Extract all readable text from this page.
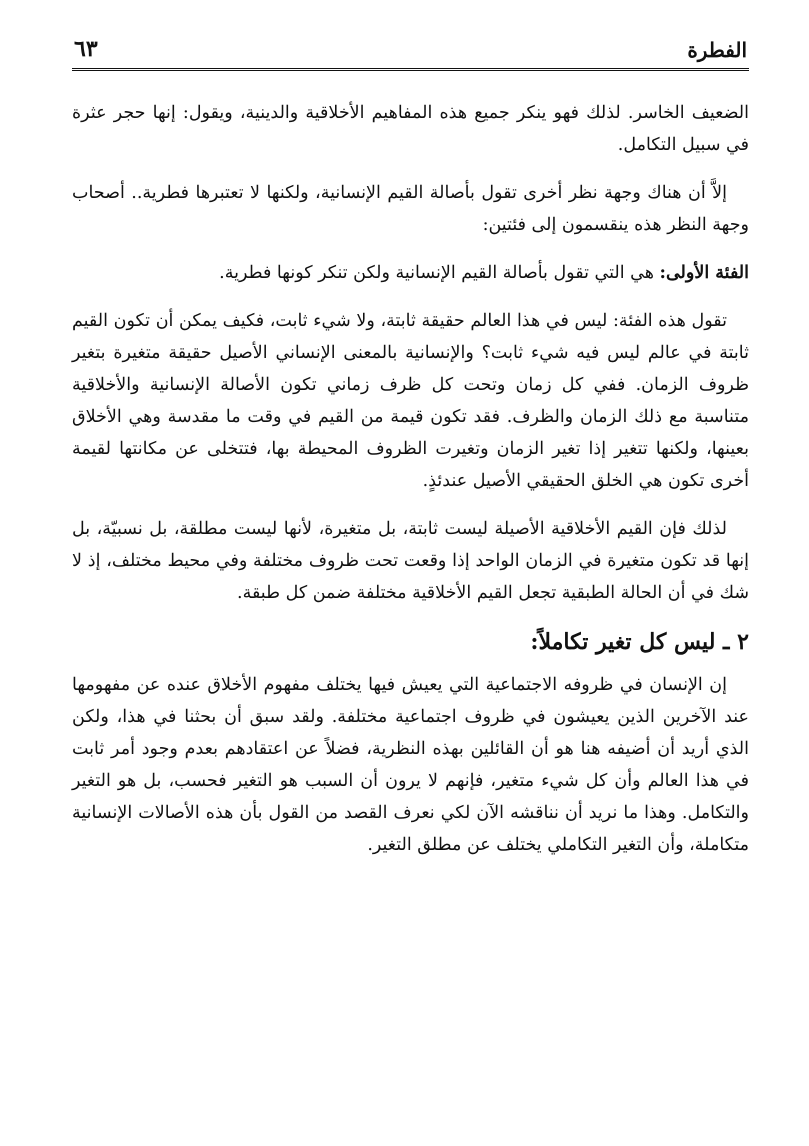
٦٣	الفطرة

الضعيف الخاسر. لذلك فهو ينكر جميع هذه المفاهيم الأخلاقية والدينية، ويقول: إنها حجر عثرة في سبيل التكامل.

إلاَّ أن هناك وجهة نظر أخرى تقول بأصالة القيم الإنسانية، ولكنها لا تعتبرها فطرية.. أصحاب وجهة النظر هذه ينقسمون إلى فئتين:

الفئة الأولى: هي التي تقول بأصالة القيم الإنسانية ولكن تنكر كونها فطرية.

تقول هذه الفئة: ليس في هذا العالم حقيقة ثابتة، ولا شيء ثابت، فكيف يمكن أن تكون القيم ثابتة في عالم ليس فيه شيء ثابت؟ والإنسانية بالمعنى الإنساني الأصيل حقيقة متغيرة بتغير ظروف الزمان. ففي كل زمان وتحت كل ظرف زماني تكون الأصالة الإنسانية والأخلاقية متناسبة مع ذلك الزمان والظرف. فقد تكون قيمة من القيم في وقت ما مقدسة وهي الأخلاق بعينها، ولكنها تتغير إذا تغير الزمان وتغيرت الظروف المحيطة بها، فتتخلى عن مكانتها لقيمة أخرى تكون هي الخلق الحقيقي الأصيل عندئذٍ.

لذلك فإن القيم الأخلاقية الأصيلة ليست ثابتة، بل متغيرة، لأنها ليست مطلقة، بل نسبيّة، بل إنها قد تكون متغيرة في الزمان الواحد إذا وقعت تحت ظروف مختلفة وفي محيط مختلف، إذ لا شك في أن الحالة الطبقية تجعل القيم الأخلاقية مختلفة ضمن كل طبقة.

٢ ـ ليس كل تغير تكاملاً:

إن الإنسان في ظروفه الاجتماعية التي يعيش فيها يختلف مفهوم الأخلاق عنده عن مفهومها عند الآخرين الذين يعيشون في ظروف اجتماعية مختلفة. ولقد سبق أن بحثنا في هذا، ولكن الذي أريد أن أضيفه هنا هو أن القائلين بهذه النظرية، فضلاً عن اعتقادهم بعدم وجود أمر ثابت في هذا العالم وأن كل شيء متغير، فإنهم لا يرون أن السبب هو التغير فحسب، بل هو التغير والتكامل. وهذا ما نريد أن نناقشه الآن لكي نعرف القصد من القول بأن هذه الأصالات الإنسانية متكاملة، وأن التغير التكاملي يختلف عن مطلق التغير.
